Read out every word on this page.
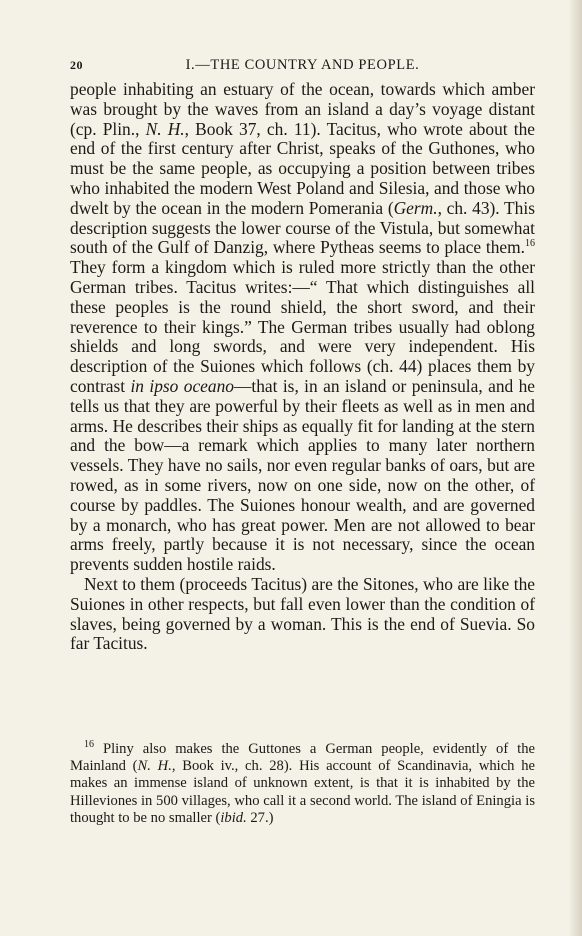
20	I.—THE COUNTRY AND PEOPLE.

people inhabiting an estuary of the ocean, towards which amber was brought by the waves from an island a day’s voyage distant (cp. Plin., N. H., Book 37, ch. 11). Tacitus, who wrote about the end of the first century after Christ, speaks of the Guthones, who must be the same people, as occupying a position between tribes who inhabited the modern West Poland and Silesia, and those who dwelt by the ocean in the modern Pomerania (Germ., ch. 43). This description suggests the lower course of the Vistula, but somewhat south of the Gulf of Danzig, where Pytheas seems to place them.$^{16}$ They form a kingdom which is ruled more strictly than the other German tribes. Tacitus writes:—“ That which distinguishes all these peoples is the round shield, the short sword, and their reverence to their kings.” The German tribes usually had oblong shields and long swords, and were very independent. His description of the Suiones which follows (ch. 44) places them by contrast in ipso oceano—that is, in an island or peninsula, and he tells us that they are powerful by their fleets as well as in men and arms. He describes their ships as equally fit for landing at the stern and the bow—a remark which applies to many later northern vessels. They have no sails, nor even regular banks of oars, but are rowed, as in some rivers, now on one side, now on the other, of course by paddles. The Suiones honour wealth, and are governed by a monarch, who has great power. Men are not allowed to bear arms freely, partly because it is not necessary, since the ocean prevents sudden hostile raids.

Next to them (proceeds Tacitus) are the Sitones, who are like the Suiones in other respects, but fall even lower than the condition of slaves, being governed by a woman. This is the end of Suevia. So far Tacitus.

$^{16}$ Pliny also makes the Guttones a German people, evidently of the Mainland (N. H., Book iv., ch. 28). His account of Scandinavia, which he makes an immense island of unknown extent, is that it is inhabited by the Hilleviones in 500 villages, who call it a second world. The island of Eningia is thought to be no smaller (ibid. 27.)
